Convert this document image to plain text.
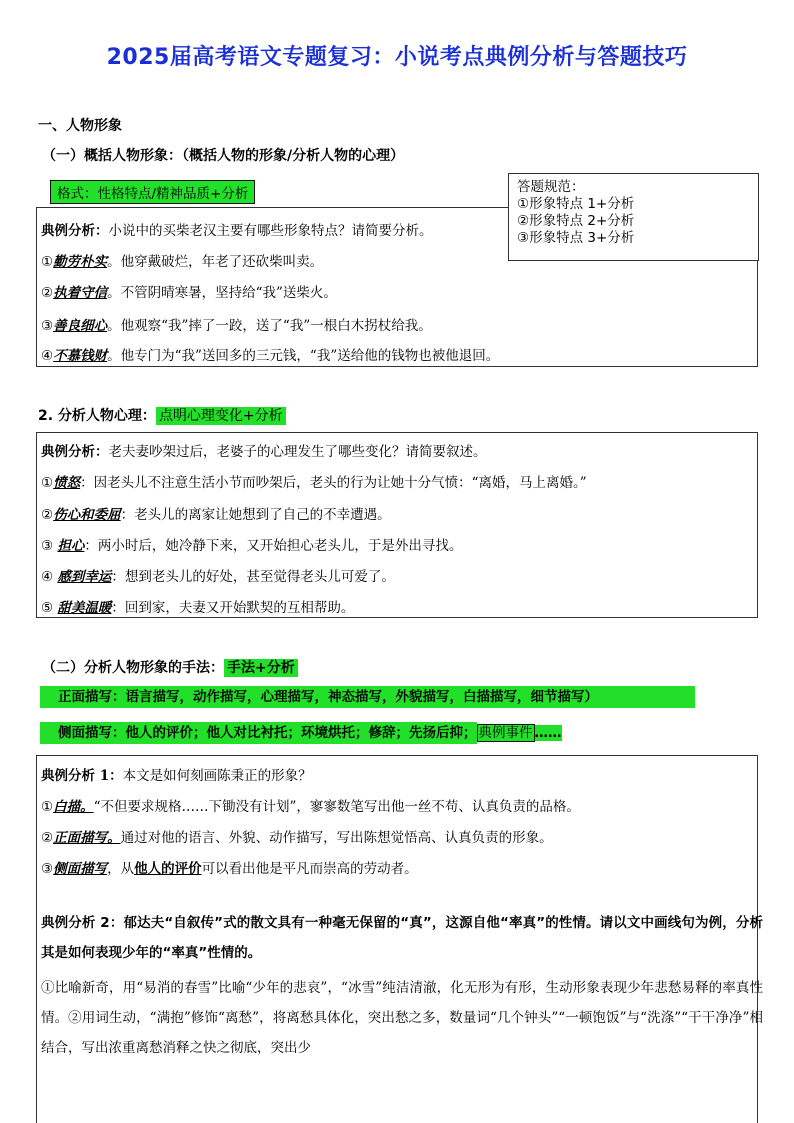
2025届高考语文专题复习：小说考点典例分析与答题技巧
一、人物形象
（一）概括人物形象：（概括人物的形象/分析人物的心理）
格式：性格特点/精神品质+分析
典例分析：小说中的买柴老汉主要有哪些形象特点？请简要分析。
①勤劳朴实。他穿戴破烂，年老了还砍柴叫卖。
②执着守信。不管阴晴寒暑，坚持给“我”送柴火。
③善良细心。他观察“我”摔了一跤，送了“我”一根白木拐杖给我。
④不慕钱财。他专门为“我”送回多的三元钱，“我”送给他的钱物也被他退回。
答题规范：
①形象特点 1+分析
②形象特点 2+分析
③形象特点 3+分析
2. 分析人物心理： 点明心理变化+分析
典例分析：老夫妻吵架过后，老婆子的心理发生了哪些变化？请简要叙述。
①愤怒：因老头儿不注意生活小节而吵架后，老头的行为让她十分气愤：“离婚，马上离婚。”
②伤心和委屈：老头儿的离家让她想到了自己的不幸遭遇。
③ 担心：两小时后，她冷静下来，又开始担心老头儿，于是外出寻找。
④ 感到幸运：想到老头儿的好处，甚至觉得老头儿可爱了。
⑤ 甜美温暖：回到家，夫妻又开始默契的互相帮助。
（二）分析人物形象的手法： 手法+分析
正面描写：语言描写，动作描写，心理描写，神态描写，外貌描写，白描描写，细节描写）
侧面描写：他人的评价；他人对比衬托；环境烘托；修辞；先扬后抑； 典例事件 ……
典例分析 1：本文是如何刻画陈秉正的形象？
①白描。“不但要求规格……下锄没有计划”，寥寥数笔写出他一丝不苟、认真负责的品格。
②正面描写。通过对他的语言、外貌、动作描写，写出陈想觉悟高、认真负责的形象。
③侧面描写，从他人的评价可以看出他是平凡而崇高的劳动者。
典例分析 2：郁达夫“自叙传”式的散文具有一种毫无保留的“真”，这源自他“率真”的性情。请以文中画线句为例，分析其是如何表现少年的“率真”性情的。
①比喻新奇，用“易消的春雪”比喻“少年的悲哀”，“冰雪”纯洁清澈，化无形为有形，生动形象表现少年悲愁易释的率真性情。②用词生动，“满抱”修饰“离愁”，将离愁具体化，突出愁之多，数量词“几个钟头”“一顿饱饭”与“洗涤”“干干净净”相结合，写出浓重离愁消释之快之彻底，突出少
